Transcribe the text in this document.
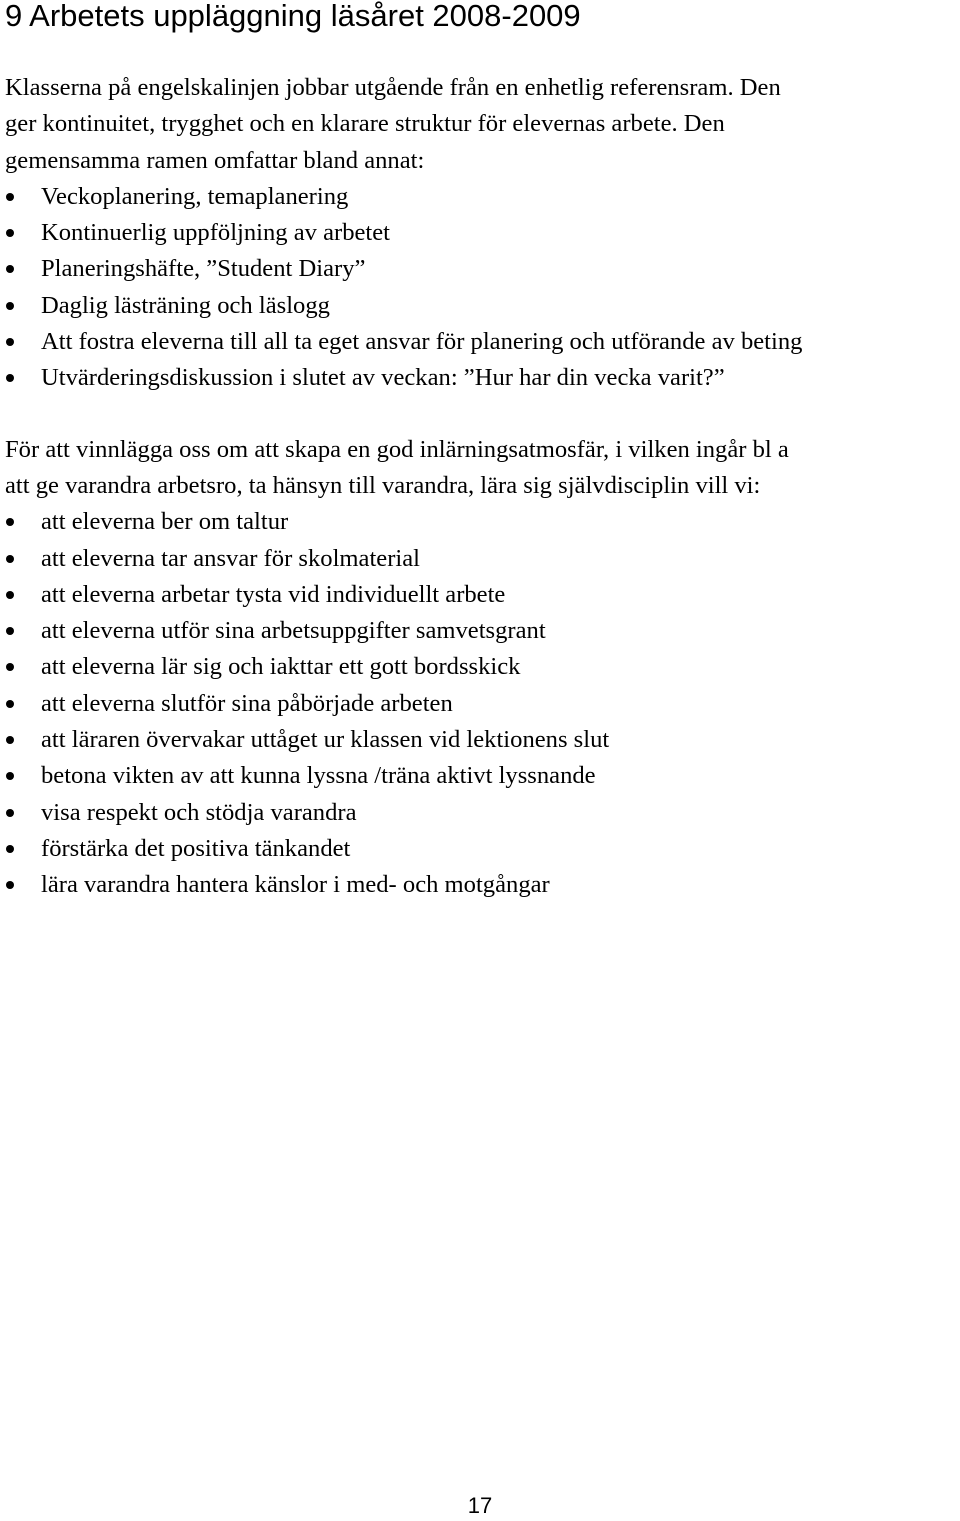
9 Arbetets uppläggning läsåret 2008-2009

Klasserna på engelskalinjen jobbar utgående från en enhetlig referensram. Den
ger kontinuitet, trygghet och en klarare struktur för elevernas arbete. Den
gemensamma ramen omfattar bland annat:

Veckoplanering, temaplanering
Kontinuerlig uppföljning av arbetet
Planeringshäfte, ”Student Diary”
Daglig lästräning och läslogg
Att fostra eleverna till all ta eget ansvar för planering och utförande av beting
Utvärderingsdiskussion i slutet av veckan: ”Hur har din vecka varit?”

För att vinnlägga oss om att skapa en god inlärningsatmosfär, i vilken ingår bl a
att ge varandra arbetsro, ta hänsyn till varandra, lära sig självdisciplin vill vi:

att eleverna ber om taltur
att eleverna tar ansvar för skolmaterial
att eleverna arbetar tysta vid individuellt arbete
att eleverna utför sina arbetsuppgifter samvetsgrant
att eleverna lär sig och iakttar ett gott bordsskick
att eleverna slutför sina påbörjade arbeten
att läraren övervakar uttåget ur klassen vid lektionens slut
betona vikten av att kunna lyssna /träna aktivt lyssnande
visa respekt och stödja varandra
förstärka det positiva tänkandet
lära varandra hantera känslor i med- och motgångar
17
